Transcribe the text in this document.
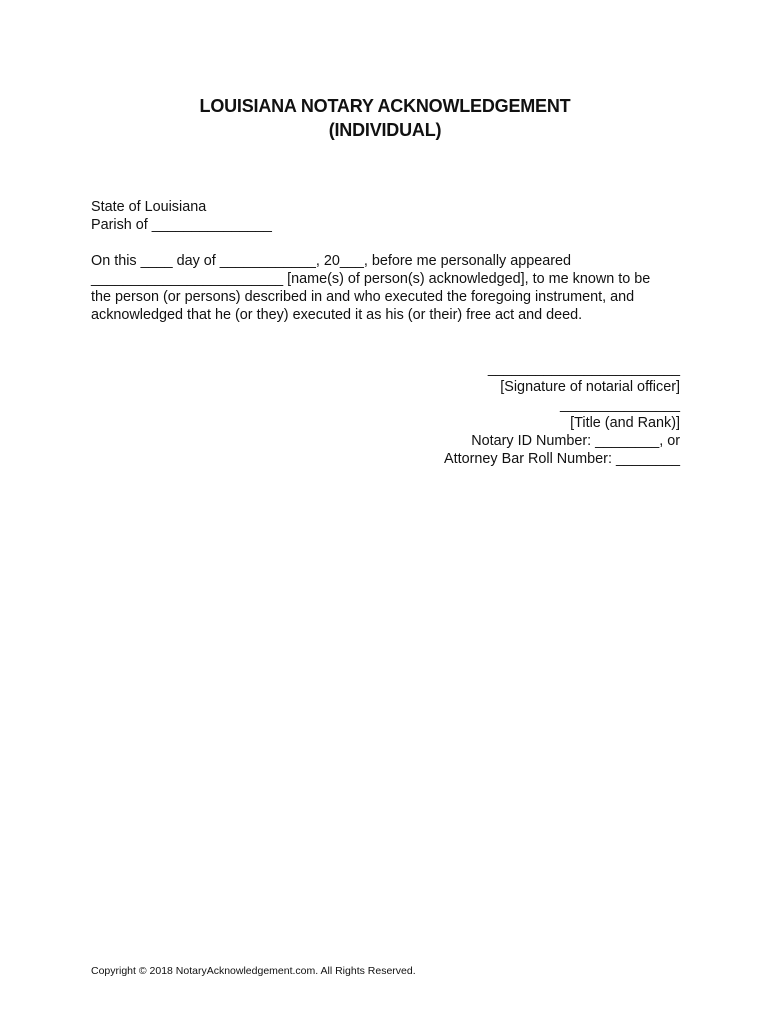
LOUISIANA NOTARY ACKNOWLEDGEMENT
(INDIVIDUAL)
State of Louisiana
Parish of _______________
On this ____ day of ____________, 20___, before me personally appeared
________________________ [name(s) of person(s) acknowledged], to me known to be
the person (or persons) described in and who executed the foregoing instrument, and
acknowledged that he (or they) executed it as his (or their) free act and deed.
________________________
[Signature of notarial officer]
_______________
[Title (and Rank)]
Notary ID Number: ________, or
Attorney Bar Roll Number: ________
Copyright © 2018 NotaryAcknowledgement.com. All Rights Reserved.
